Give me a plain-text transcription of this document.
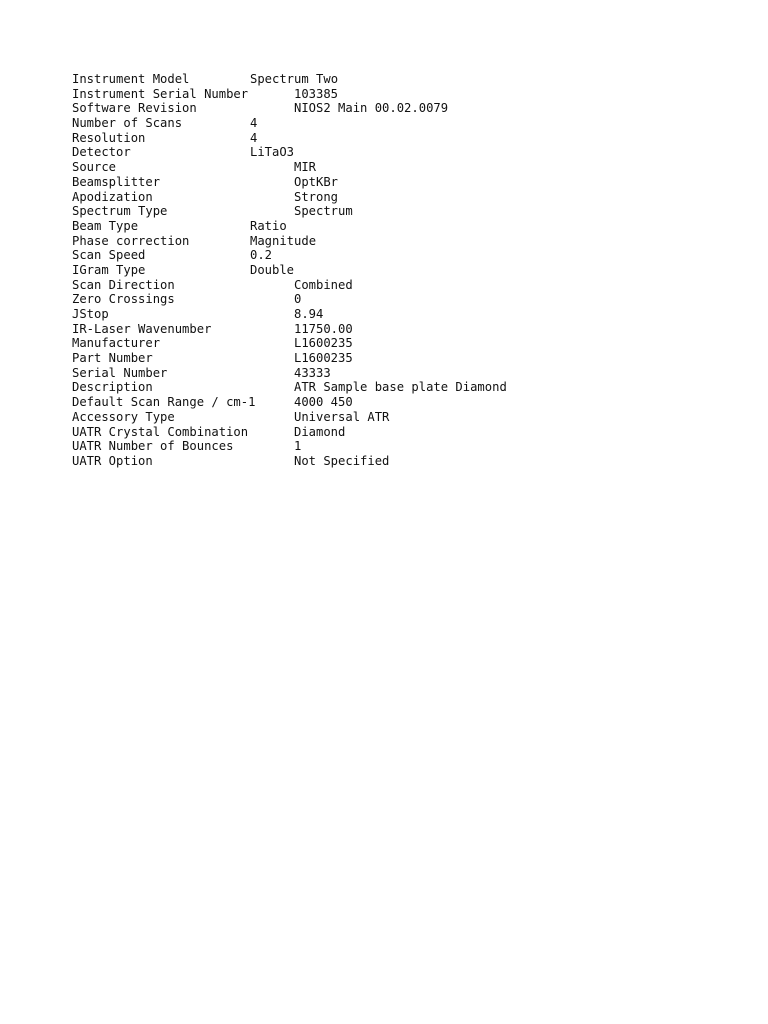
Instrument Model	Spectrum Two
Instrument Serial Number	103385
Software Revision	NIOS2 Main 00.02.0079
Number of Scans	4
Resolution	4
Detector	LiTaO3
Source	MIR
Beamsplitter	OptKBr
Apodization	Strong
Spectrum Type	Spectrum
Beam Type	Ratio
Phase correction	Magnitude
Scan Speed	0.2
IGram Type	Double
Scan Direction	Combined
Zero Crossings	0
JStop	8.94
IR-Laser Wavenumber	11750.00
Manufacturer	L1600235
Part Number	L1600235
Serial Number	43333
Description	ATR Sample base plate Diamond
Default Scan Range / cm-1	4000 450
Accessory Type	Universal ATR
UATR Crystal Combination	Diamond
UATR Number of Bounces	1
UATR Option	Not Specified
